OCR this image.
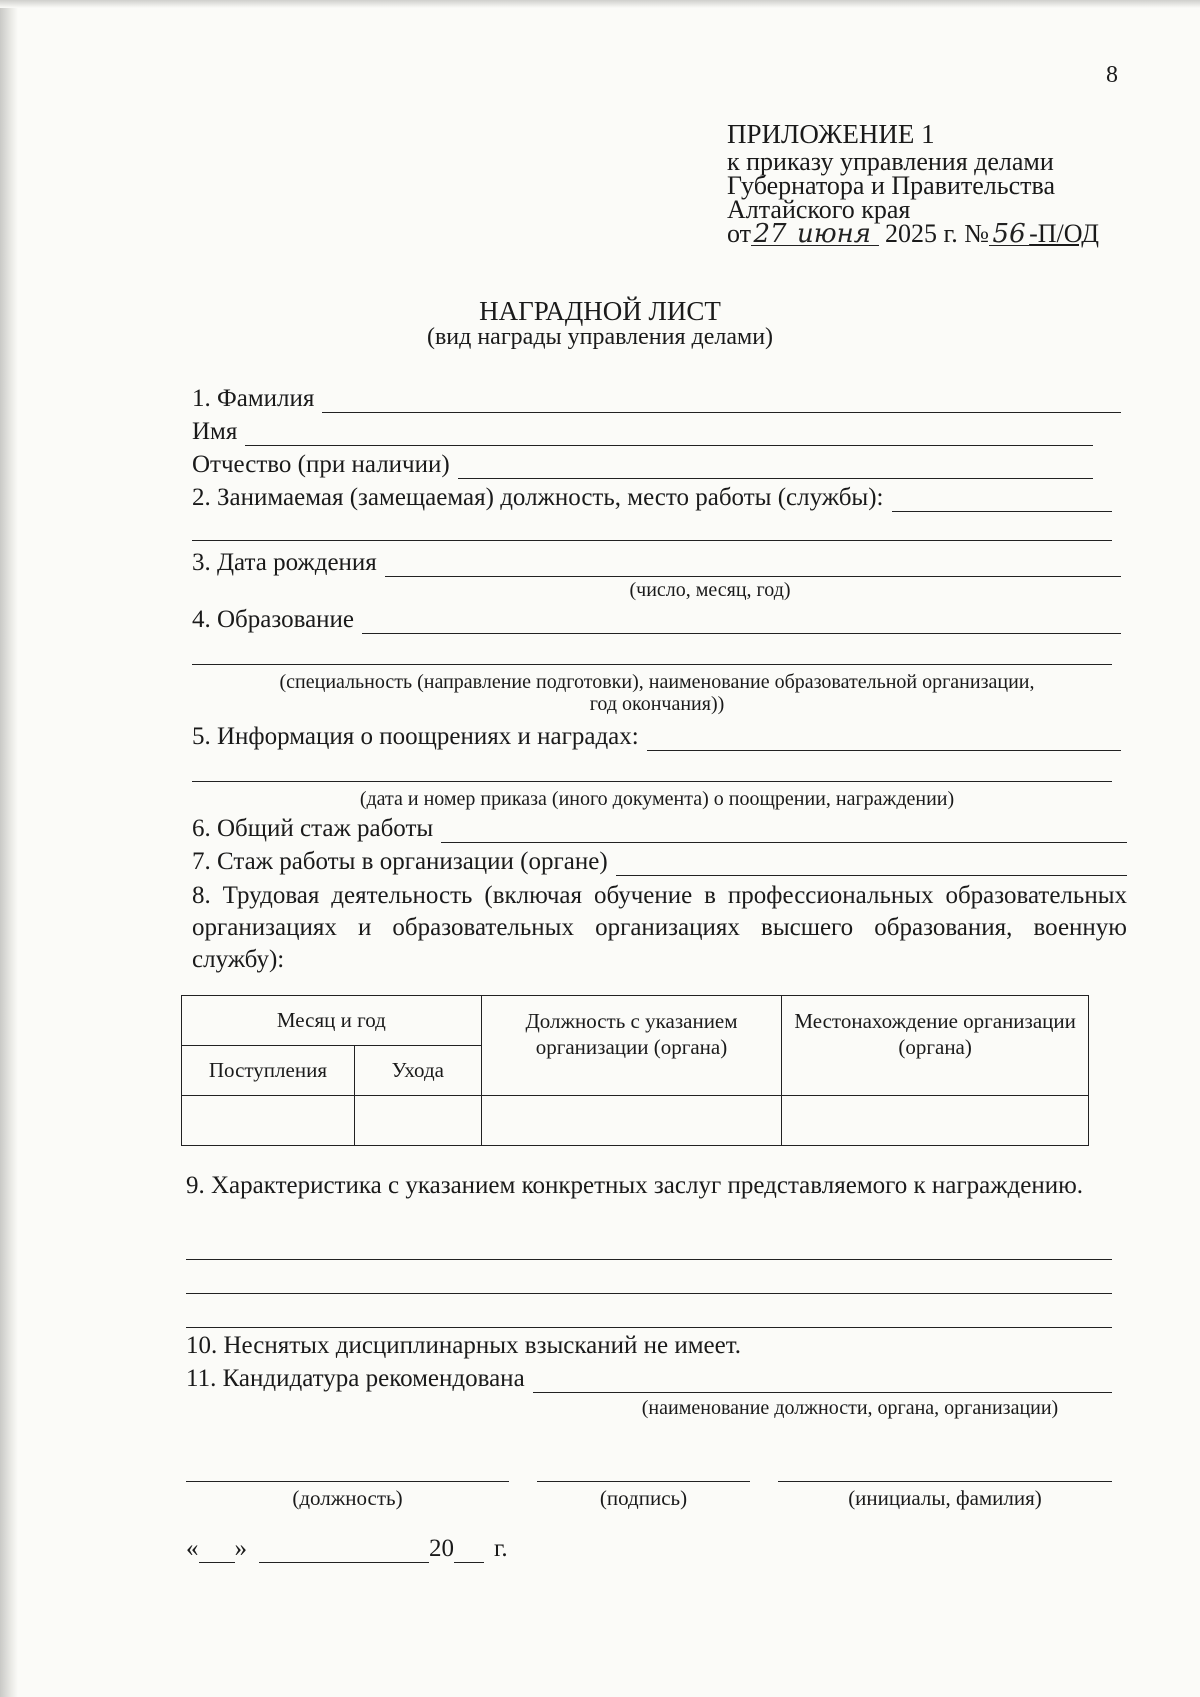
8
ПРИЛОЖЕНИЕ 1
к приказу управления делами
Губернатора и Правительства
Алтайского края
от 27 июня 2025 г. № 56 -П/ОД
НАГРАДНОЙ ЛИСТ
(вид награды управления делами)
1. Фамилия
Имя
Отчество (при наличии)
2. Занимаемая (замещаемая) должность, место работы (службы):
3. Дата рождения
(число, месяц, год)
4. Образование
(специальность (направление подготовки), наименование образовательной организации,
год окончания))
5. Информация о поощрениях и наградах:
(дата и номер приказа (иного документа) о поощрении, награждении)
6. Общий стаж работы
7. Стаж работы в организации (органе)
8. Трудовая деятельность (включая обучение в профессиональных образовательных организациях и образовательных организациях высшего образования, военную службу):
Месяц и год		Должность с указанием организации (органа)	Местонахождение организации (органа)
Поступления	Ухода		

9. Характеристика с указанием конкретных заслуг представляемого к награждению.
10. Неснятых дисциплинарных взысканий не имеет.
11. Кандидатура рекомендована
(наименование должности, органа, организации)
(должность)	(подпись)	(инициалы, фамилия)
« »	20 г.
